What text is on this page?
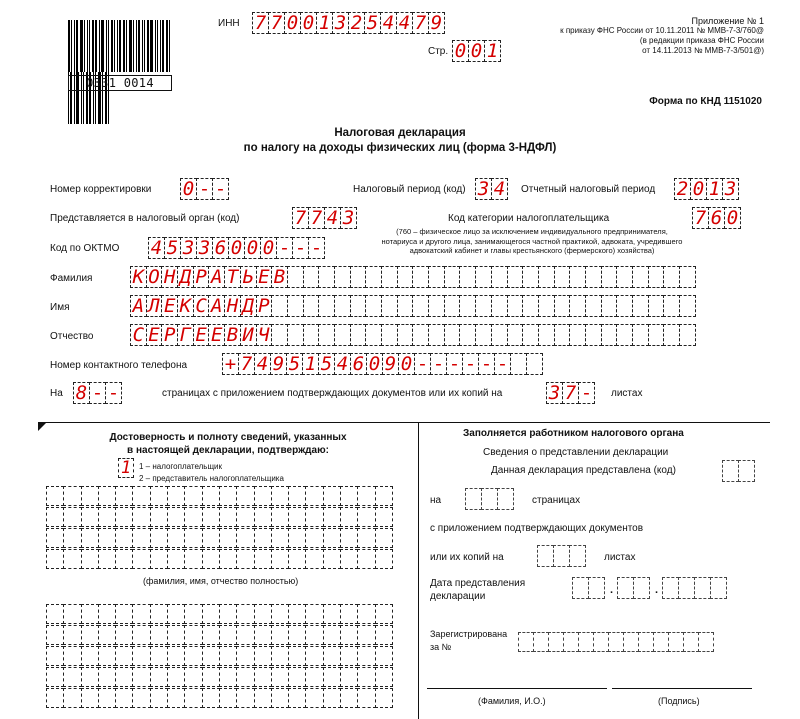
0331 0014
ИНН 7 7 0 0 1 3 2 5 4 4 7 9
Стр. 0 0 1
Приложение № 1
к приказу ФНС России от 10.11.2011 № ММВ-7-3/760@
(в редакции приказа ФНС России
от 14.11.2013 № ММВ-7-3/501@)
Форма по КНД 1151020
Налоговая декларация
по налогу на доходы физических лиц (форма 3-НДФЛ)
Номер корректировки 0 - -	Налоговый период (код) 3 4 Отчетный налоговый период 2 0 1 3
Представляется в налоговый орган (код)	7 7 4 3	Код категории налогоплательщика	7 6 0
(760 – физическое лицо за исключением индивидуального предпринимателя,
нотариуса и другого лица, занимающегося частной практикой, адвоката, учредившего
адвокатский кабинет и главы крестьянского (фермерского) хозяйства)
Код по ОКТМО 4 5 3 3 6 0 0 0 - - -
Фамилия К О Н Д Р А Т Ь Е В
Имя	А Л Е К С А Н Д Р
Отчество С Е Р Г Е Е В И Ч
Номер контактного телефона + 7 4 9 5 1 5 4 6 0 9 0 - - - - - -
На 8 - -	страницах с приложением подтверждающих документов или их копий на 3 7 - листах
Достоверность и полноту сведений, указанных
в настоящей декларации, подтверждаю:
1 1 – налогоплательщик
2 – представитель налогоплательщика
(фамилия, имя, отчество полностью)
Заполняется работником налогового органа
Сведения о представлении декларации
Данная декларация представлена (код)
на	страницах
с приложением подтверждающих документов
или их копий на	листах
Дата представления
декларации
.	.
Зарегистрирована
за №
(Фамилия, И.О.)	(Подпись)
